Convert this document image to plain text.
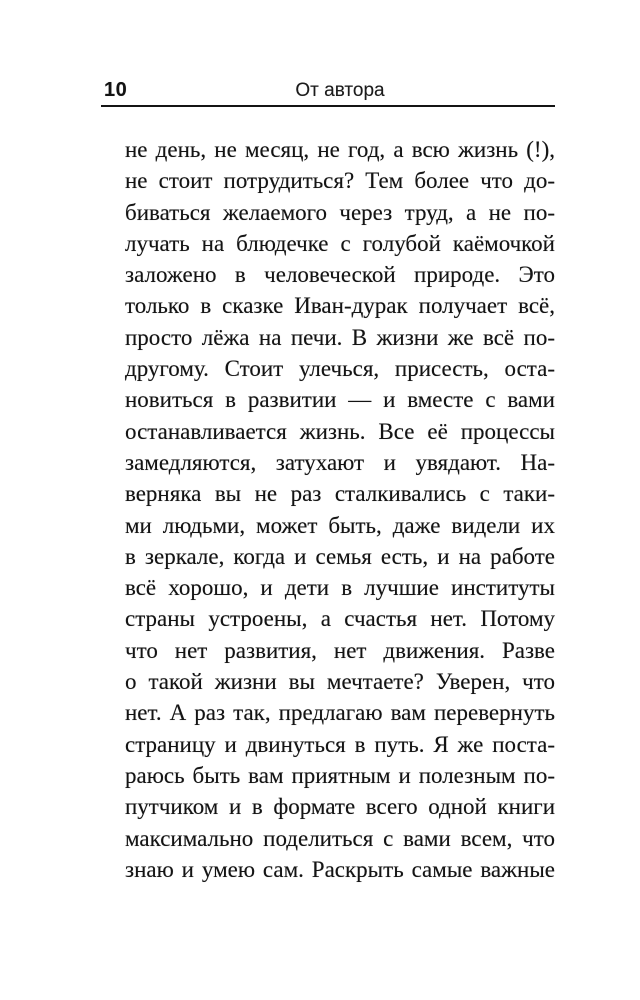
10	От автора
не день, не месяц, не год, а всю жизнь (!),
не стоит потрудиться? Тем более что до-
биваться желаемого через труд, а не по-
лучать на блюдечке с голубой каёмочкой
заложено в человеческой природе. Это
только в сказке Иван-дурак получает всё,
просто лёжа на печи. В жизни же всё по-
другому. Стоит улечься, присесть, оста-
новиться в развитии — и вместе с вами
останавливается жизнь. Все её процессы
замедляются, затухают и увядают. На-
верняка вы не раз сталкивались с таки-
ми людьми, может быть, даже видели их
в зеркале, когда и семья есть, и на работе
всё хорошо, и дети в лучшие институты
страны устроены, а счастья нет. Потому
что нет развития, нет движения. Разве
о такой жизни вы мечтаете? Уверен, что
нет. А раз так, предлагаю вам перевернуть
страницу и двинуться в путь. Я же поста-
раюсь быть вам приятным и полезным по-
путчиком и в формате всего одной книги
максимально поделиться с вами всем, что
знаю и умею сам. Раскрыть самые важные
